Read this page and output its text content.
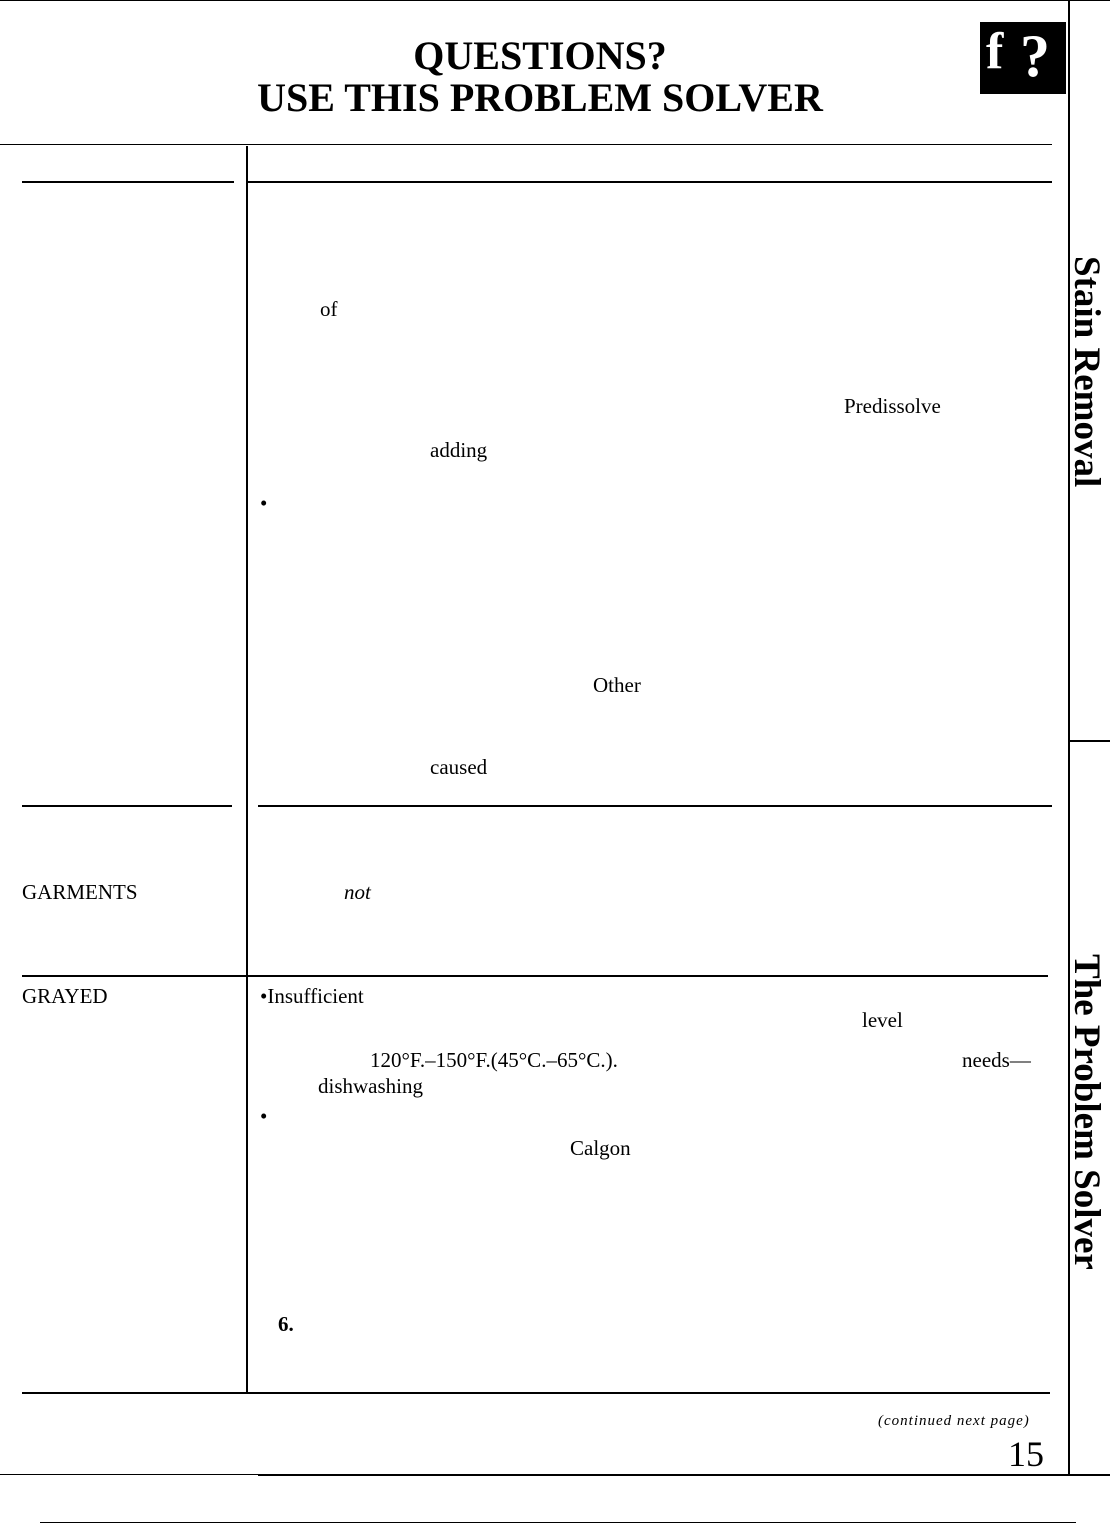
QUESTIONS?
USE THIS PROBLEM SOLVER
f ?
Stain Removal
The Problem Solver
GARMENTS
GRAYED
of
Predissolve
adding
•
Other
caused
not
•Insufficient
level
120°F.–150°F.(45°C.–65°C.).	needs—
dishwashing
•
Calgon
6.
(continued next page)
15
